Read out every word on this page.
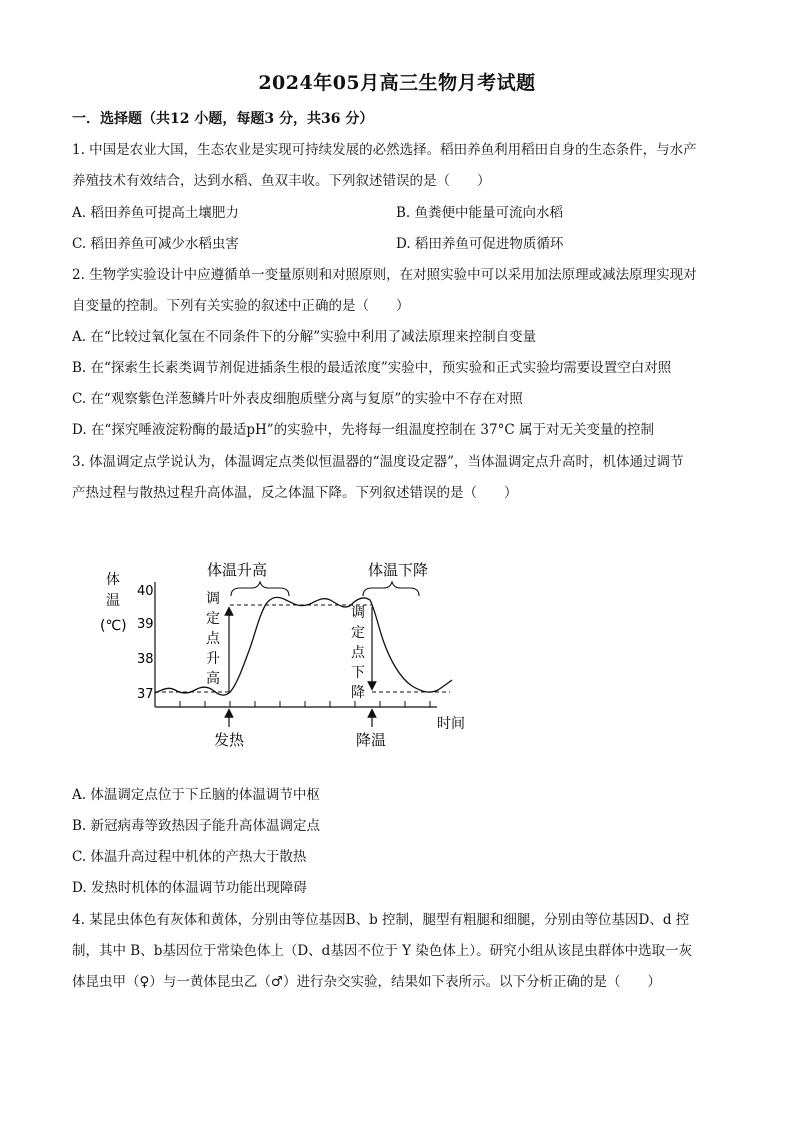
2024年05月高三生物月考试题
一．选择题（共12 小题，每题3 分，共36 分）
1. 中国是农业大国，生态农业是实现可持续发展的必然选择。稻田养鱼利用稻田自身的生态条件，与水产
养殖技术有效结合，达到水稻、鱼双丰收。下列叙述错误的是（　　）
A. 稻田养鱼可提高土壤肥力	B. 鱼粪便中能量可流向水稻
C. 稻田养鱼可减少水稻虫害	D. 稻田养鱼可促进物质循环
2. 生物学实验设计中应遵循单一变量原则和对照原则，在对照实验中可以采用加法原理或减法原理实现对
自变量的控制。下列有关实验的叙述中正确的是（　　）
A. 在“比较过氧化氢在不同条件下的分解”实验中利用了减法原理来控制自变量
B. 在“探索生长素类调节剂促进插条生根的最适浓度”实验中，预实验和正式实验均需要设置空白对照
C. 在“观察紫色洋葱鳞片叶外表皮细胞质壁分离与复原”的实验中不存在对照
D. 在“探究唾液淀粉酶的最适pH”的实验中，先将每一组温度控制在 37°C 属于对无关变量的控制
3. 体温调定点学说认为，体温调定点类似恒温器的“温度设定器”，当体温调定点升高时，机体通过调节
产热过程与散热过程升高体温，反之体温下降。下列叙述错误的是（　　）
体
温
(℃)
40
39
38
37
时间
调
定
点
升
高
调
定
点
下
降
体温升高	体温下降
发热	降温
A. 体温调定点位于下丘脑的体温调节中枢
B. 新冠病毒等致热因子能升高体温调定点
C. 体温升高过程中机体的产热大于散热
D. 发热时机体的体温调节功能出现障碍
4. 某昆虫体色有灰体和黄体，分别由等位基因B、b 控制，腿型有粗腿和细腿，分别由等位基因D、d 控
制，其中 B、b基因位于常染色体上（D、d基因不位于 Y 染色体上）。研究小组从该昆虫群体中选取一灰
体昆虫甲（♀）与一黄体昆虫乙（♂）进行杂交实验，结果如下表所示。以下分析正确的是（　　）
